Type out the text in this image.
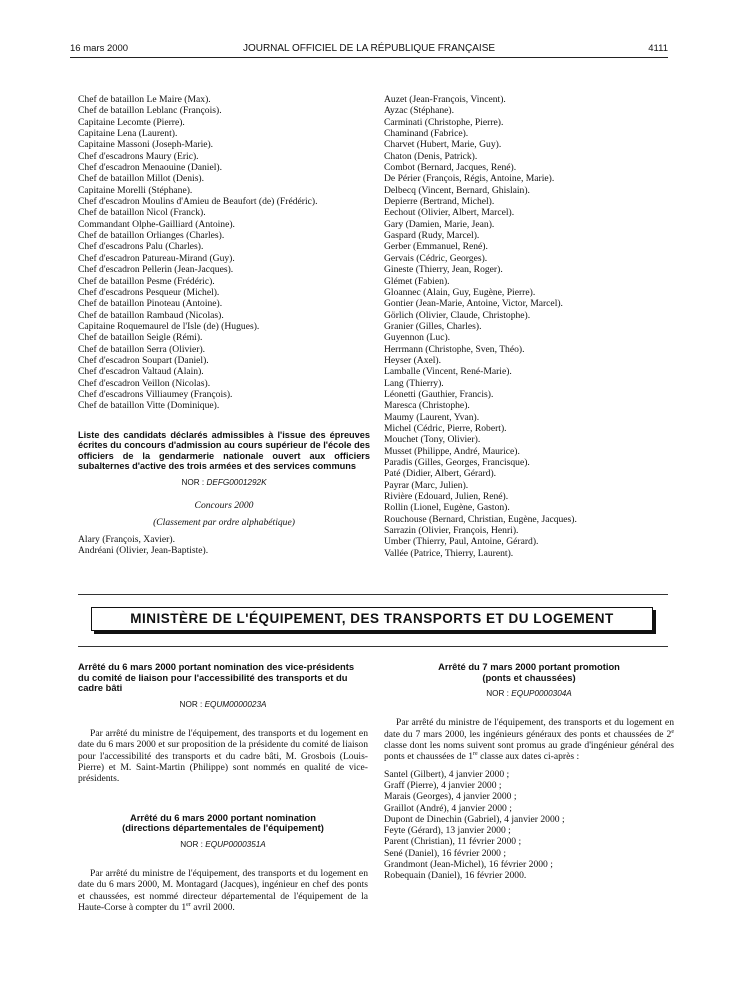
16 mars 2000	JOURNAL OFFICIEL DE LA RÉPUBLIQUE FRANÇAISE	4111
Chef de bataillon Le Maire (Max).
Chef de bataillon Leblanc (François).
Capitaine Lecomte (Pierre).
Capitaine Lena (Laurent).
Capitaine Massoni (Joseph-Marie).
Chef d'escadrons Maury (Eric).
Chef d'escadron Menaouine (Daniel).
Chef de bataillon Millot (Denis).
Capitaine Morelli (Stéphane).
Chef d'escadron Moulins d'Amieu de Beaufort (de) (Frédéric).
Chef de bataillon Nicol (Franck).
Commandant Olphe-Gailliard (Antoine).
Chef de bataillon Orlianges (Charles).
Chef d'escadrons Palu (Charles).
Chef d'escadron Patureau-Mirand (Guy).
Chef d'escadron Pellerin (Jean-Jacques).
Chef de bataillon Pesme (Frédéric).
Chef d'escadrons Pesqueur (Michel).
Chef de bataillon Pinoteau (Antoine).
Chef de bataillon Rambaud (Nicolas).
Capitaine Roquemaurel de l'Isle (de) (Hugues).
Chef de bataillon Seigle (Rémi).
Chef de bataillon Serra (Olivier).
Chef d'escadron Soupart (Daniel).
Chef d'escadron Valtaud (Alain).
Chef d'escadron Veillon (Nicolas).
Chef d'escadrons Villiaumey (François).
Chef de bataillon Vitte (Dominique).
Liste des candidats déclarés admissibles à l'issue des épreuves écrites du concours d'admission au cours supérieur de l'école des officiers de la gendarmerie nationale ouvert aux officiers subalternes d'active des trois armées et des services communs
NOR : DEFG0001292K
Concours 2000
(Classement par ordre alphabétique)
Alary (François, Xavier).
Andréani (Olivier, Jean-Baptiste).
Auzet (Jean-François, Vincent).
Ayzac (Stéphane).
Carminati (Christophe, Pierre).
Chaminand (Fabrice).
Charvet (Hubert, Marie, Guy).
Chaton (Denis, Patrick).
Combot (Bernard, Jacques, René).
De Périer (François, Régis, Antoine, Marie).
Delbecq (Vincent, Bernard, Ghislain).
Depierre (Bertrand, Michel).
Eechout (Olivier, Albert, Marcel).
Gary (Damien, Marie, Jean).
Gaspard (Rudy, Marcel).
Gerber (Emmanuel, René).
Gervais (Cédric, Georges).
Gineste (Thierry, Jean, Roger).
Glémet (Fabien).
Gloannec (Alain, Guy, Eugène, Pierre).
Gontier (Jean-Marie, Antoine, Victor, Marcel).
Görlich (Olivier, Claude, Christophe).
Granier (Gilles, Charles).
Guyennon (Luc).
Herrmann (Christophe, Sven, Théo).
Heyser (Axel).
Lamballe (Vincent, René-Marie).
Lang (Thierry).
Léonetti (Gauthier, Francis).
Maresca (Christophe).
Maumy (Laurent, Yvan).
Michel (Cédric, Pierre, Robert).
Mouchet (Tony, Olivier).
Musset (Philippe, André, Maurice).
Paradis (Gilles, Georges, Francisque).
Paté (Didier, Albert, Gérard).
Payrar (Marc, Julien).
Rivière (Edouard, Julien, René).
Rollin (Lionel, Eugène, Gaston).
Rouchouse (Bernard, Christian, Eugène, Jacques).
Sarrazin (Olivier, François, Henri).
Umber (Thierry, Paul, Antoine, Gérard).
Vallée (Patrice, Thierry, Laurent).
MINISTÈRE DE L'ÉQUIPEMENT, DES TRANSPORTS ET DU LOGEMENT
Arrêté du 6 mars 2000 portant nomination des vice-présidents du comité de liaison pour l'accessibilité des transports et du cadre bâti
NOR : EQUM0000023A
Par arrêté du ministre de l'équipement, des transports et du logement en date du 6 mars 2000 et sur proposition de la présidente du comité de liaison pour l'accessibilité des transports et du cadre bâti, M. Grosbois (Louis-Pierre) et M. Saint-Martin (Philippe) sont nommés en qualité de vice-présidents.
Arrêté du 6 mars 2000 portant nomination
(directions départementales de l'équipement)
NOR : EQUP0000351A
Par arrêté du ministre de l'équipement, des transports et du logement en date du 6 mars 2000, M. Montagard (Jacques), ingénieur en chef des ponts et chaussées, est nommé directeur départemental de l'équipement de la Haute-Corse à compter du 1er avril 2000.
Arrêté du 7 mars 2000 portant promotion
(ponts et chaussées)
NOR : EQUP0000304A
Par arrêté du ministre de l'équipement, des transports et du logement en date du 7 mars 2000, les ingénieurs généraux des ponts et chaussées de 2e classe dont les noms suivent sont promus au grade d'ingénieur général des ponts et chaussées de 1re classe aux dates ci-après :
Santel (Gilbert), 4 janvier 2000 ;
Graff (Pierre), 4 janvier 2000 ;
Marais (Georges), 4 janvier 2000 ;
Graillot (André), 4 janvier 2000 ;
Dupont de Dinechin (Gabriel), 4 janvier 2000 ;
Feyte (Gérard), 13 janvier 2000 ;
Parent (Christian), 11 février 2000 ;
Sené (Daniel), 16 février 2000 ;
Grandmont (Jean-Michel), 16 février 2000 ;
Robequain (Daniel), 16 février 2000.
